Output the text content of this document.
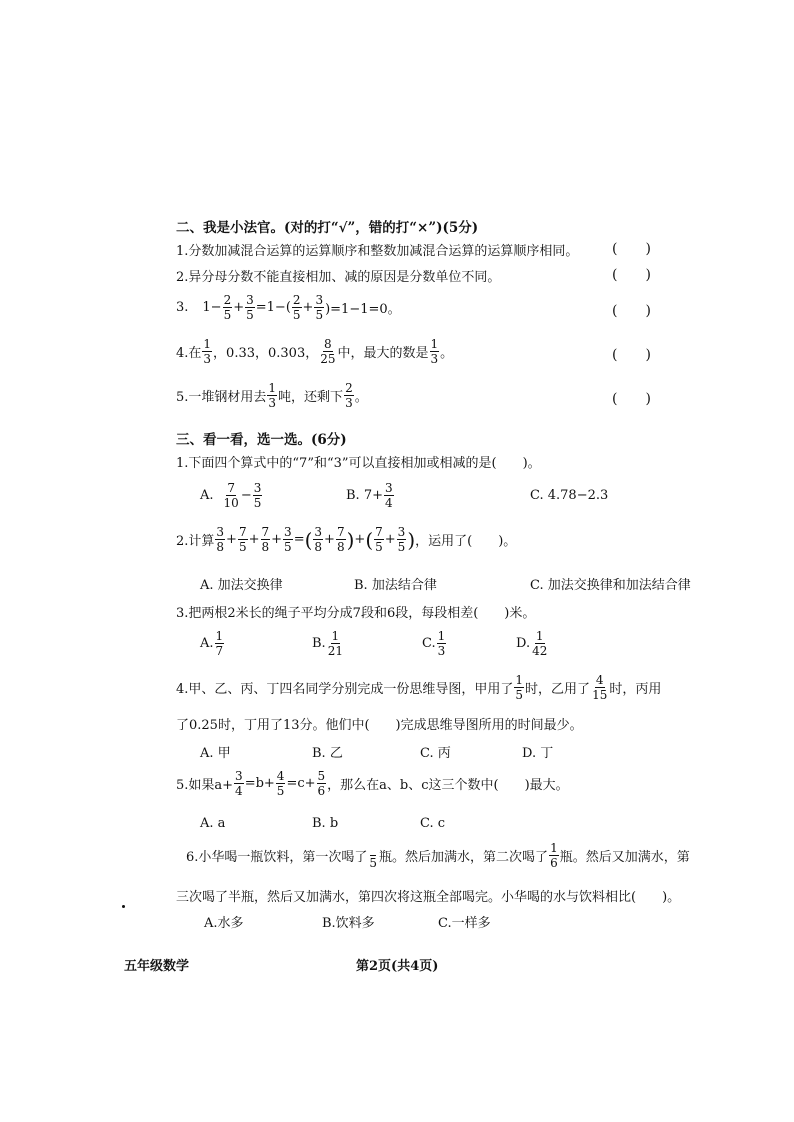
二、我是小法官。(对的打“√”，错的打“×”)(5分)
1.分数加减混合运算的运算顺序和整数加减混合运算的运算顺序相同。 (　　)
2.异分母分数不能直接相加、减的原因是分数单位不同。	(　　)
3. $1- \frac{2}{5} + \frac{3}{5} =1-( \frac{2}{5} + \frac{3}{5} )=1-1=0$。	(　　)
4.在 $\frac{1}{3}$ ，0.33，0.303， $\frac{8}{25}$ 中，最大的数是 $\frac{1}{3}$ 。	(　　)
5.一堆钢材用去 $\frac{1}{3}$ 吨，还剩下 $\frac{2}{3}$ 。	(　　)
三、看一看，选一选。(6分)
1.下面四个算式中的“7”和“3”可以直接相加或相减的是(　　)。
A. $\frac{7}{10} - \frac{3}{5}$	B. $7+ \frac{3}{4}$	C. 4.78−2.3
2.计算 $\frac{3}{8} + \frac{7}{5} + \frac{7}{8} + \frac{3}{5}$ = ( $\frac{3}{8} + \frac{7}{8}$ ) + ( $\frac{7}{5} + \frac{3}{5}$ ) ，运用了(　　)。
A. 加法交换律	B. 加法结合律	C. 加法交换律和加法结合律
3.把两根2米长的绳子平均分成7段和6段，每段相差(　　)米。
A. $\frac{1}{7}$	B. $\frac{1}{21}$	C. $\frac{1}{3}$	D. $\frac{1}{42}$
4.甲、乙、丙、丁四名同学分别完成一份思维导图，甲用了 $\frac{1}{5}$ 时，乙用了 $\frac{4}{15}$ 时，丙用
了0.25时，丁用了13分。他们中(　　)完成思维导图所用的时间最少。
A. 甲	B. 乙	C. 丙	D. 丁
5.如果$a+ \frac{3}{4} =b+ \frac{4}{5} =c+ \frac{5}{6}$ ，那么在a、b、c这三个数中(　　)最大。
A. a	B. b	C. c
6.小华喝一瓶饮料，第一次喝了
5 瓶。然后加满水，第二次喝了 $\frac{1}{6}$ 瓶。然后又加满水，第
三次喝了半瓶，然后又加满水，第四次将这瓶全部喝完。小华喝的水与饮料相比(　　)。
A.水多	B.饮料多	C.一样多
五年级数学	第2页(共4页)
